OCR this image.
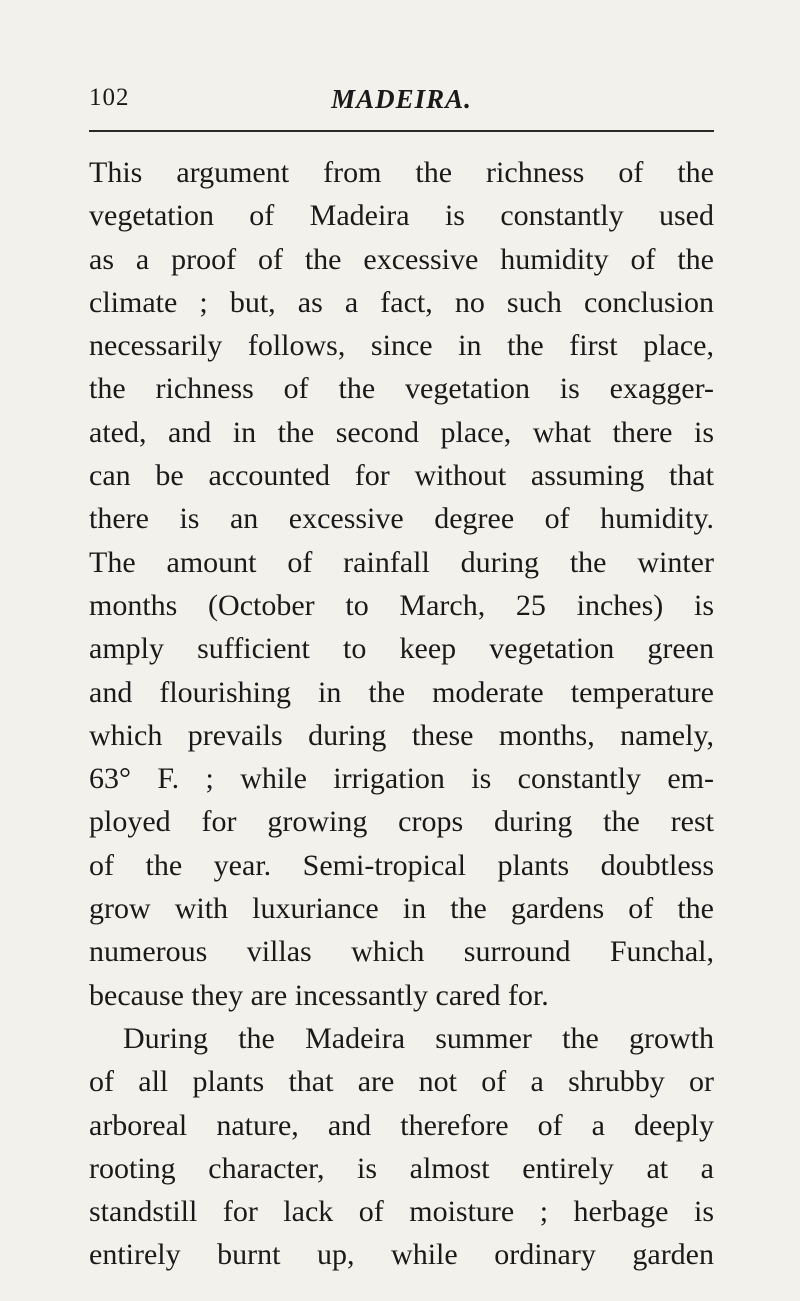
102	MADEIRA.
This argument from the richness of the
vegetation of Madeira is constantly used
as a proof of the excessive humidity of the
climate ; but, as a fact, no such conclusion
necessarily follows, since in the first place,
the richness of the vegetation is exagger-
ated, and in the second place, what there is
can be accounted for without assuming that
there is an excessive degree of humidity.
The amount of rainfall during the winter
months (October to March, 25 inches) is
amply sufficient to keep vegetation green
and flourishing in the moderate temperature
which prevails during these months, namely,
63° F. ; while irrigation is constantly em-
ployed for growing crops during the rest
of the year. Semi-tropical plants doubtless
grow with luxuriance in the gardens of the
numerous villas which surround Funchal,
because they are incessantly cared for.
During the Madeira summer the growth
of all plants that are not of a shrubby or
arboreal nature, and therefore of a deeply
rooting character, is almost entirely at a
standstill for lack of moisture ; herbage is
entirely burnt up, while ordinary garden
